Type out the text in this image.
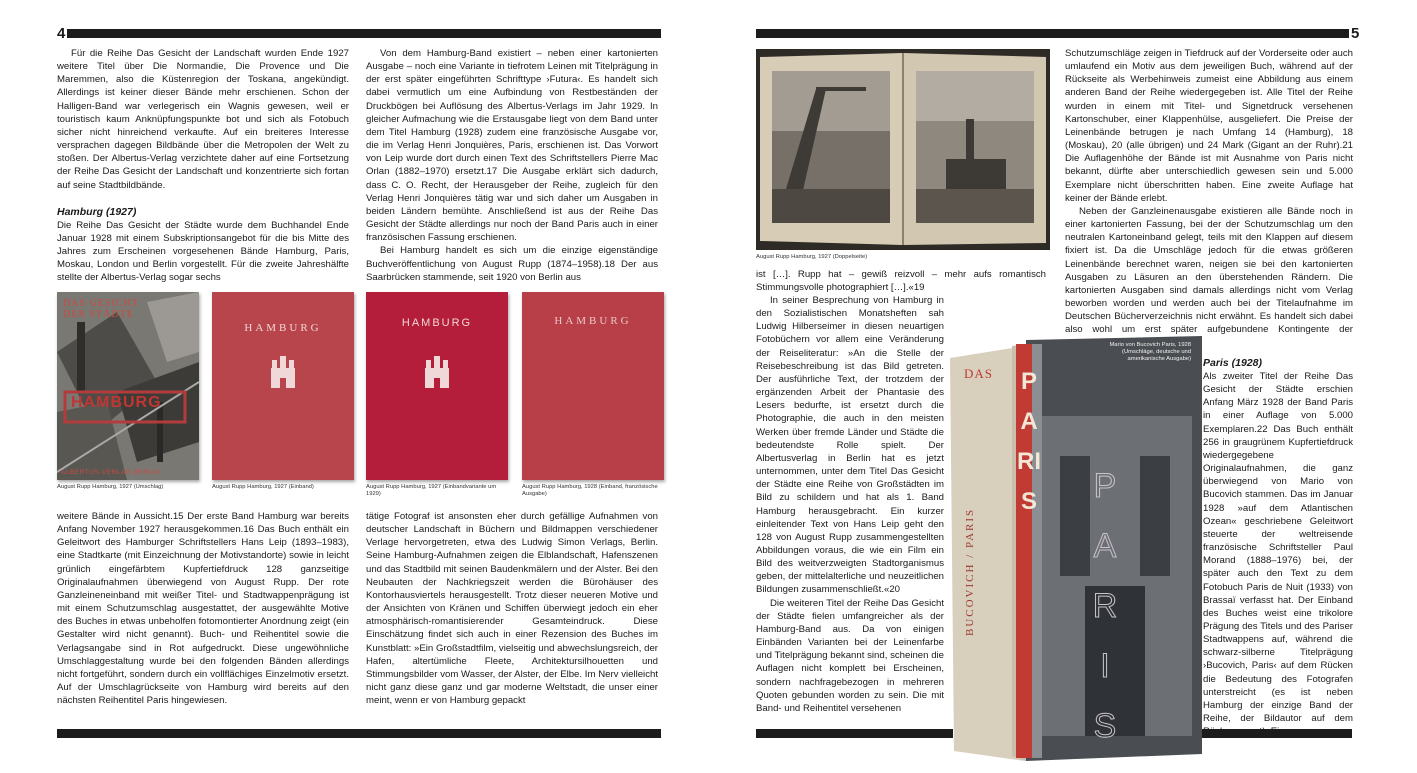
4

Für die Reihe Das Gesicht der Landschaft wurden Ende 1927 weitere Titel über Die Normandie, Die Provence und Die Maremmen, also die Küstenregion der Toskana, angekündigt. Allerdings ist keiner dieser Bände mehr erschienen. Schon der Halligen-Band war verlegerisch ein Wagnis gewesen, weil er touristisch kaum Anknüpfungspunkte bot und sich als Fotobuch sicher nicht hinreichend verkaufte. Auf ein breiteres Interesse versprachen dagegen Bildbände über die Metropolen der Welt zu stoßen. Der Albertus-Verlag verzichtete daher auf eine Fortsetzung der Reihe Das Gesicht der Landschaft und konzentrierte sich fortan auf seine Stadtbildbände.

Hamburg (1927)

Die Reihe Das Gesicht der Städte wurde dem Buchhandel Ende Januar 1928 mit einem Subskriptionsangebot für die bis Mitte des Jahres zum Erscheinen vorgesehenen Bände Hamburg, Paris, Moskau, London und Berlin vorgestellt. Für die zweite Jahreshälfte stellte der Albertus-Verlag sogar sechs

Von dem Hamburg-Band existiert – neben einer kartonierten Ausgabe – noch eine Variante in tiefrotem Leinen mit Titelprägung in der erst später eingeführten Schrifttype ›Futura‹. Es handelt sich dabei vermutlich um eine Aufbindung von Restbeständen der Druckbögen bei Auflösung des Albertus-Verlags im Jahr 1929. In gleicher Aufmachung wie die Erstausgabe liegt von dem Band unter dem Titel Hamburg (1928) zudem eine französische Ausgabe vor, die im Verlag Henri Jonquières, Paris, erschienen ist. Das Vorwort von Leip wurde dort durch einen Text des Schriftstellers Pierre Mac Orlan (1882–1970) ersetzt.17 Die Ausgabe erklärt sich dadurch, dass C. O. Recht, der Herausgeber der Reihe, zugleich für den Verlag Henri Jonquières tätig war und sich daher um Ausgaben in beiden Ländern bemühte. Anschließend ist aus der Reihe Das Gesicht der Städte allerdings nur noch der Band Paris auch in einer französischen Fassung erschienen.

Bei Hamburg handelt es sich um die einzige eigenständige Buchveröffentlichung von August Rupp (1874–1958).18 Der aus Saarbrücken stammende, seit 1920 von Berlin aus

DAS GESICHT
DER STÄDTE
HAMBURG
ALBERTUS-VERLAG BERLIN
HAMBURG	HAMBURG	HAMBURG
August Rupp Hamburg, 1927 (Umschlag)	August Rupp Hamburg, 1927 (Einband)	August Rupp Hamburg, 1927 (Einbandvariante um 1929)
August Rupp Hamburg, 1928 (Einband, französische Ausgabe)

weitere Bände in Aussicht.15 Der erste Band Hamburg war bereits Anfang November 1927 herausgekommen.16 Das Buch enthält ein Geleitwort des Hamburger Schriftstellers Hans Leip (1893–1983), eine Stadtkarte (mit Einzeichnung der Motivstandorte) sowie in leicht grünlich eingefärbtem Kupfertiefdruck 128 ganzseitige Originalaufnahmen überwiegend von August Rupp. Der rote Ganzleineneinband mit weißer Titel- und Stadtwappenprägung ist mit einem Schutzumschlag ausgestattet, der ausgewählte Motive des Buches in etwas unbeholfen fotomontierter Anordnung zeigt (ein Gestalter wird nicht genannt). Buch- und Reihentitel sowie die Verlagsangabe sind in Rot aufgedruckt. Diese ungewöhnliche Umschlaggestaltung wurde bei den folgenden Bänden allerdings nicht fortgeführt, sondern durch ein vollflächiges Einzelmotiv ersetzt. Auf der Umschlagrückseite von Hamburg wird bereits auf den nächsten Reihentitel Paris hingewiesen.

tätige Fotograf ist ansonsten eher durch gefällige Aufnahmen von deutscher Landschaft in Büchern und Bildmappen verschiedener Verlage hervorgetreten, etwa des Ludwig Simon Verlags, Berlin. Seine Hamburg-Aufnahmen zeigen die Elblandschaft, Hafenszenen und das Stadtbild mit seinen Baudenkmälern und der Alster. Bei den Neubauten der Nachkriegszeit werden die Bürohäuser des Kontorhausviertels herausgestellt. Trotz dieser neueren Motive und der Ansichten von Kränen und Schiffen überwiegt jedoch ein eher atmosphärisch-romantisierender Gesamteindruck. Diese Einschätzung findet sich auch in einer Rezension des Buches im Kunstblatt: »Ein Großstadtfilm, vielseitig und abwechslungsreich, der Hafen, altertümliche Fleete, Architektursilhouetten und Stimmungsbilder vom Wasser, der Alster, der Elbe. Im Nerv vielleicht nicht ganz diese ganz und gar moderne Weltstadt, die unser einer meint, wenn er von Hamburg gepackt

5
August Rupp Hamburg, 1927 (Doppelseite)

ist […]. Rupp hat – gewiß reizvoll – mehr aufs romantisch Stimmungsvolle photographiert […].«19

In seiner Besprechung von Hamburg in den Sozialistischen Monatsheften sah Ludwig Hilberseimer in diesen neuartigen Fotobüchern vor allem eine Veränderung der Reiseliteratur: »An die Stelle der Reisebeschreibung ist das Bild getreten. Der ausführliche Text, der trotzdem der ergänzenden Arbeit der Phantasie des Lesers bedurfte, ist ersetzt durch die Photographie, die auch in den meisten Werken über fremde Länder und Städte die bedeutendste Rolle spielt. Der Albertusverlag in Berlin hat es jetzt unternommen, unter dem Titel Das Gesicht der Städte eine Reihe von Großstädten im Bild zu schildern und hat als 1. Band Hamburg herausgebracht. Ein kurzer einleitender Text von Hans Leip geht den 128 von August Rupp zusammengestellten Abbildungen voraus, die wie ein Film ein Bild des weitverzweigten Stadtorganismus geben, der mittelalterliche und neuzeitlichen Bildungen zusammenschließt.«20

Die weiteren Titel der Reihe Das Gesicht der Städte fielen umfangreicher als der Hamburg-Band aus. Da von einigen Einbänden Varianten bei der Leinenfarbe und Titelprägung bekannt sind, scheinen die Auflagen nicht komplett bei Erscheinen, sondern nachfragebezogen in mehreren Quoten gebunden worden zu sein. Die mit Band- und Reihentitel versehenen

Schutzumschläge zeigen in Tiefdruck auf der Vorderseite oder auch umlaufend ein Motiv aus dem jeweiligen Buch, während auf der Rückseite als Werbehinweis zumeist eine Abbildung aus einem anderen Band der Reihe wiedergegeben ist. Alle Titel der Reihe wurden in einem mit Titel- und Signetdruck versehenen Kartonschuber, einer Klappenhülse, ausgeliefert. Die Preise der Leinenbände betrugen je nach Umfang 14 (Hamburg), 18 (Moskau), 20 (alle übrigen) und 24 Mark (Gigant an der Ruhr).21 Die Auflagenhöhe der Bände ist mit Ausnahme von Paris nicht bekannt, dürfte aber unterschiedlich gewesen sein und 5.000 Exemplare nicht überschritten haben. Eine zweite Auflage hat keiner der Bände erlebt.

Neben der Ganzleinenausgabe existieren alle Bände noch in einer kartonierten Fassung, bei der der Schutzumschlag um den neutralen Kartoneinband gelegt, teils mit den Klappen auf diesem fixiert ist. Da die Umschläge jedoch für die etwas größeren Leinenbände berechnet waren, neigen sie bei den kartonierten Ausgaben zu Läsuren an den überstehenden Rändern. Die kartonierten Ausgaben sind damals allerdings nicht vom Verlag beworben worden und werden auch bei der Titelaufnahme im Deutschen Bücherverzeichnis nicht erwähnt. Es handelt sich dabei also wohl um erst später aufgebundene Kontingente der

BUCOVICH / PARIS
DAS PARIS PARIS
Mario von Bucovich Paris, 1928 (Umschläge, deutsche und amerikanische Ausgabe) Paris (1928)

Als zweiter Titel der Reihe Das Gesicht der Städte erschien Anfang März 1928 der Band Paris in einer Auflage von 5.000 Exemplaren.22 Das Buch enthält 256 in graugrünem Kupfertiefdruck wiedergegebene Originalaufnahmen, die ganz überwiegend von Mario von Bucovich stammen. Das im Januar 1928 »auf dem Atlantischen Ozean« geschriebene Geleitwort steuerte der weltreisende französische Schriftsteller Paul Morand (1888–1976) bei, der später auch den Text zu dem Fotobuch Paris de Nuit (1933) von Brassaï verfasst hat. Der Einband des Buches weist eine trikolore Prägung des Titels und des Pariser Stadtwappens auf, während die schwarz-silberne Titelprägung ›Bucovich, Paris‹ auf dem Rücken die Bedeutung des Fotografen unterstreicht (es ist neben Hamburg der einzige Band der Reihe, der Bildautor auf dem
